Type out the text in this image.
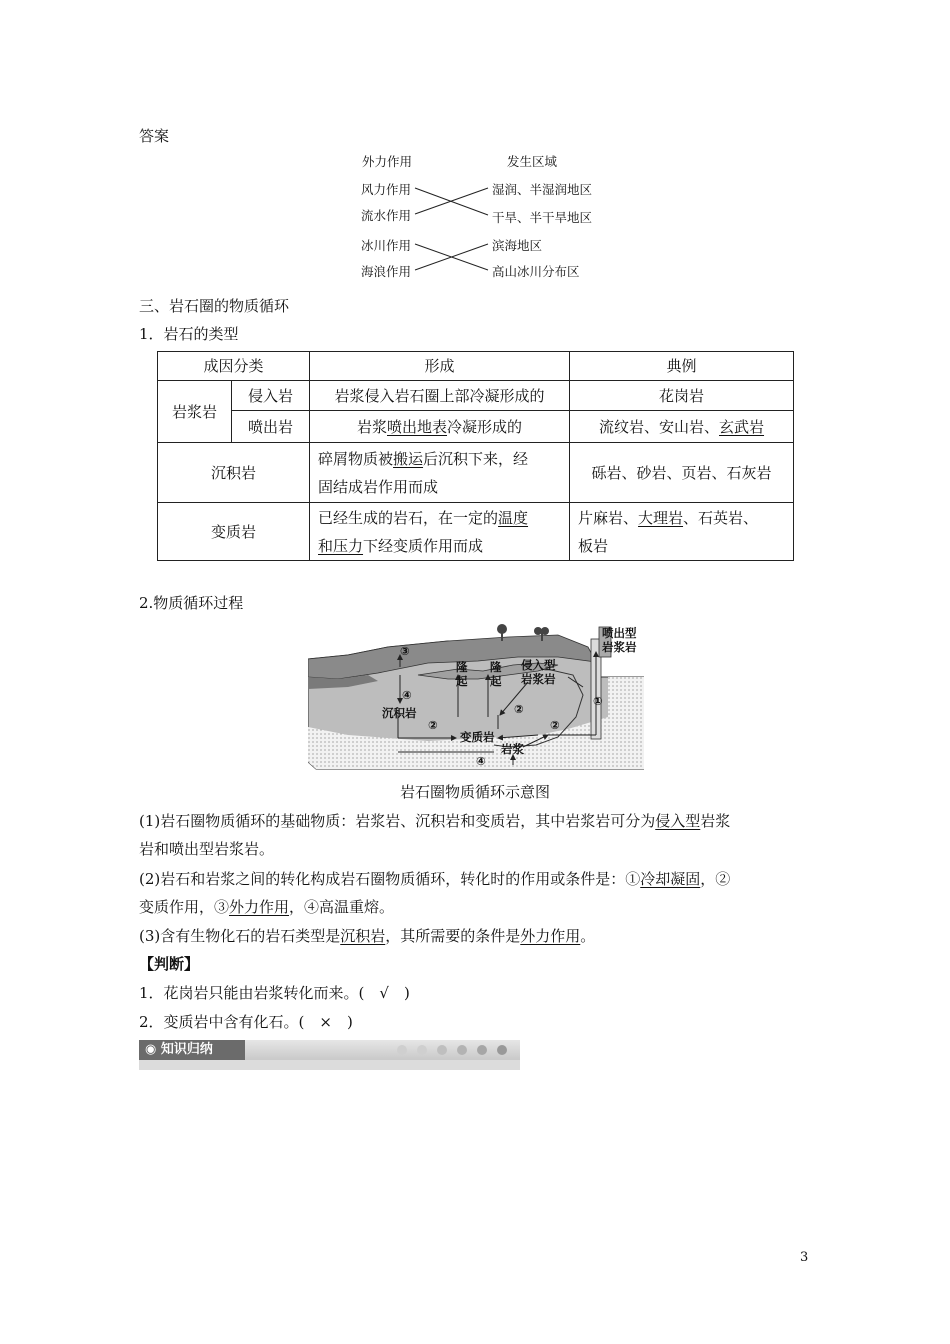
答案
外力作用	发生区域
风力作用
流水作用
冰川作用
海浪作用
湿润、半湿润地区
干旱、半干旱地区
滨海地区
高山冰川分布区
三、岩石圈的物质循环
1．岩石的类型
成因分类		形成	典例
岩浆岩	侵入岩	岩浆侵入岩石圈上部冷凝形成的	花岗岩
	喷出岩	岩浆喷出地表冷凝形成的	流纹岩、安山岩、玄武岩
沉积岩		碎屑物质被搬运后沉积下来，经
固结成岩作用而成	砾岩、砂岩、页岩、石灰岩
变质岩		已经生成的岩石，在一定的温度
和压力下经变质作用而成	片麻岩、大理岩、石英岩、
板岩
2.物质循环过程
喷出型
岩浆岩
侵入型
岩浆岩
隆
起
隆
起
沉积岩
变质岩
岩浆
③
④
②
②
②
①
④
岩石圈物质循环示意图
(1)岩石圈物质循环的基础物质：岩浆岩、沉积岩和变质岩，其中岩浆岩可分为侵入型岩浆
岩和喷出型岩浆岩。
(2)岩石和岩浆之间的转化构成岩石圈物质循环，转化时的作用或条件是：①冷却凝固，②
变质作用，③外力作用，④高温重熔。
(3)含有生物化石的岩石类型是沉积岩，其所需要的条件是外力作用。
【判断】
1．花岗岩只能由岩浆转化而来。(　√　)
2．变质岩中含有化石。(　×　)
◉ 知识归纳
3
